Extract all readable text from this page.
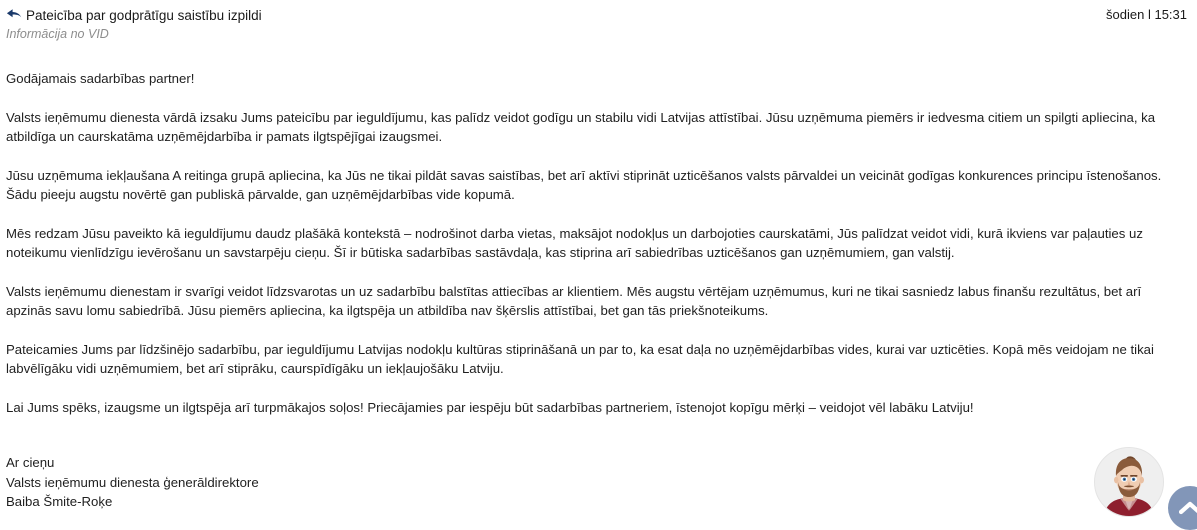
Pateicība par godprātīgu saistību izpildi
Informācija no VID
šodien l 15:31

Godājamais sadarbības partner!

Valsts ieņēmumu dienesta vārdā izsaku Jums pateicību par ieguldījumu, kas palīdz veidot godīgu un stabilu vidi Latvijas attīstībai. Jūsu uzņēmuma piemērs ir iedvesma citiem un spilgti apliecina, ka atbildīga un caurskatāma uzņēmējdarbība ir pamats ilgtspējīgai izaugsmei.

Jūsu uzņēmuma iekļaušana A reitinga grupā apliecina, ka Jūs ne tikai pildāt savas saistības, bet arī aktīvi stiprināt uzticēšanos valsts pārvaldei un veicināt godīgas konkurences principu īstenošanos. Šādu pieeju augstu novērtē gan publiskā pārvalde, gan uzņēmējdarbības vide kopumā.

Mēs redzam Jūsu paveikto kā ieguldījumu daudz plašākā kontekstā – nodrošinot darba vietas, maksājot nodokļus un darbojoties caurskatāmi, Jūs palīdzat veidot vidi, kurā ikviens var paļauties uz noteikumu vienlīdzīgu ievērošanu un savstarpēju cieņu. Šī ir būtiska sadarbības sastāvdaļa, kas stiprina arī sabiedrības uzticēšanos gan uzņēmumiem, gan valstij.

Valsts ieņēmumu dienestam ir svarīgi veidot līdzsvarotas un uz sadarbību balstītas attiecības ar klientiem. Mēs augstu vērtējam uzņēmumus, kuri ne tikai sasniedz labus finanšu rezultātus, bet arī apzinās savu lomu sabiedrībā. Jūsu piemērs apliecina, ka ilgtspēja un atbildība nav šķērslis attīstībai, bet gan tās priekšnoteikums.

Pateicamies Jums par līdzšinējo sadarbību, par ieguldījumu Latvijas nodokļu kultūras stiprināšanā un par to, ka esat daļa no uzņēmējdarbības vides, kurai var uzticēties. Kopā mēs veidojam ne tikai labvēlīgāku vidi uzņēmumiem, bet arī stiprāku, caurspīdīgāku un iekļaujošāku Latviju.

Lai Jums spēks, izaugsme un ilgtspēja arī turpmākajos soļos! Priecājamies par iespēju būt sadarbības partneriem, īstenojot kopīgu mērķi – veidojot vēl labāku Latviju!

Ar cieņu

Valsts ieņēmumu dienesta ģenerāldirektore

Baiba Šmite-Roķe
